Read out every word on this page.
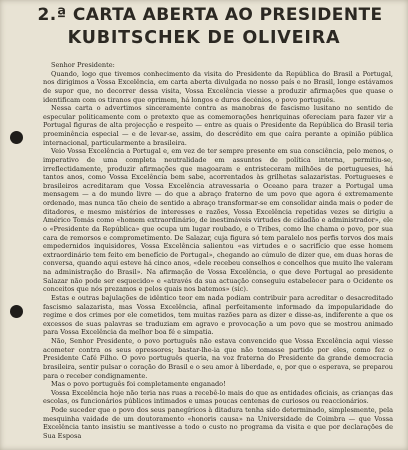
2.ª CARTA ABERTA AO PRESIDENTE
KUBITSCHEK DE OLIVEIRA

Senhor Presidente:

Quando, logo que tivemos conhecimento da visita do Presidente da República do Brasil a Portugal, nos dirigimos a Vossa Excelência, em carta aberta divulgada no nosso país e no Brasil, longe estávamos de supor que, no decorrer dessa visita, Vossa Excelência viesse a produzir afirmações que quase o identificam com os tiranos que oprimem, há longos e duros decénios, o povo português.

Nessa carta o advertimos sinceramente contra as manobras de fascismo lusitano no sentido de especular politicamente com o pretexto que as comemorações henriquinas ofereciam para fazer vir a Portugal figuras de alta projecção e respeito — entre as quais o Presidente da República do Brasil teria proeminência especial — e de levar-se, assim, do descrédito em que caíra perante a opinião pública internacional, particularmente a brasileira.

Veio Vossa Excelência a Portugal e, em vez de ter sempre presente em sua consciência, pelo menos, o imperativo de uma completa neutralidade em assuntos de política interna, permitiu-se, irreflectidamente, produzir afirmações que magoaram e entristeceram milhões de portugueses, há tantos anos, como Vossa Excelência bem sabe, acorrentados às grilhetas salazaristas. Portugueses e brasileiros acreditaram que Vossa Excelência atravessaria o Oceano para trazer a Portugal uma mensagem — a do mundo livre — do que a abraço fraterno de um povo que agora é extremamente ordenado, mas nunca tão cheio de sentido a abraço transformar-se em consolidar ainda mais o poder de ditadores, e mesmo mistérios de interesses e razões, Vossa Excelência repetidas vezes se dirigiu a Américo Tomás como «homem extraordinário, de inestimáveis virtudes de cidadão e administrador», ele o «Presidente da República» que ocupa um lugar roubado, e o Tribes, como lhe chama o povo, por sua cara de remorsos e comprometimento. De Salazar, cuja figura só tem paralelo nos perfis torvos dos mais empedernidos inquisidores, Vossa Excelência salientou «as virtudes e o sacrifício que esse homem extraordinário tem feito em benefício de Portugal», chegando ao cúmulo de dizer que, em duas horas de conversa, quando aqui esteve há cinco anos, «dele recebeu conselhos e concelhos que muito lhe valeram na administração do Brasil». Na afirmação de Vossa Excelência, o que deve Portugal ao presidente Salazar não pode ser esquecido» e «através da sua actuação conseguiu estabelecer para o Ocidente os conceitos que nós prezamos e pelos quais nos batemos» (sic).

Estas e outras bajulações de idêntico teor em nada podiam contribuir para acreditar o desacreditado fascismo salazarista, mas Vossa Excelência, afinal perfeitamente informado da impopularidade do regime e dos crimes por ele cometidos, tem muitas razões para as dizer e disse-as, indiferente a que os excessos de suas palavras se traduziam em agravo e provocação a um povo que se mostrou animado para Vossa Excelência da melhor boa fé e simpatia.

Não, Senhor Presidente, o povo português não estava convencido que Vossa Excelência aqui viesse acometer contra os seus opressores; bastar-lhe-ia que não tomasse partido por eles, como fez o Presidente Café Filho. O povo português queria, na voz fraterna do Presidente da grande democracia brasileira, sentir pulsar o coração do Brasil e o seu amor à liberdade, e, por que o esperava, se preparou para o receber condignamente.

Mas o povo português foi completamente enganado!

Vossa Excelência hoje não teria nas ruas a recebê-lo mais do que as entidades oficiais, as crianças das escolas, os funcionários públicos intimados e umas poucas centenas de curiosos ou reaccionários.

Pode suceder que o povo dos seus panegíricos à ditadura tenha sido determinado, simplesmente, pela mesquinha vaidade de um doutoramento «honoris causa» na Universidade de Coimbra — que Vossa Excelência tanto insistiu se mantivesse a todo o custo no programa da visita e que por declarações de Sua Esposa
